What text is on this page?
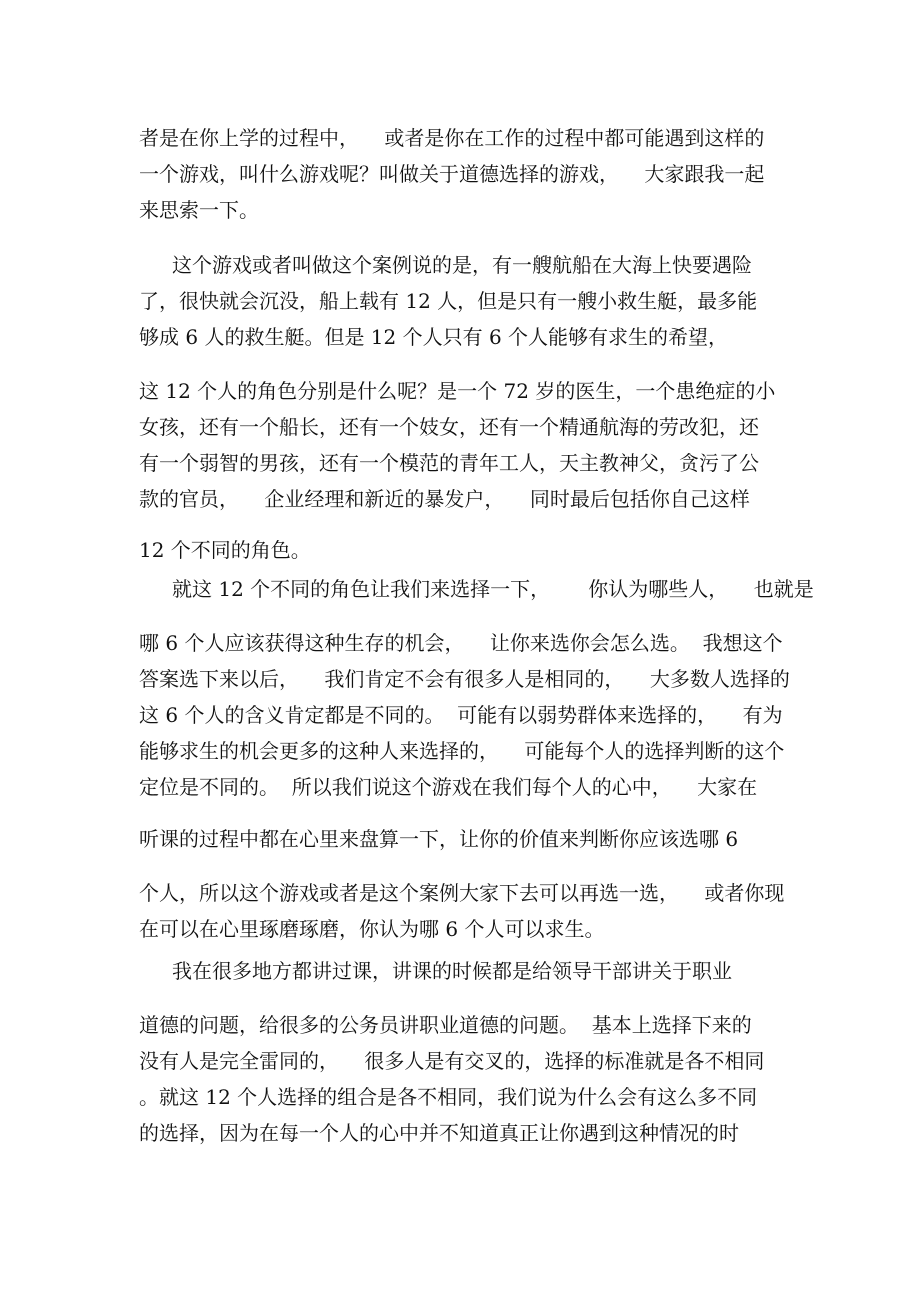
者是在你上学的过程中，    或者是你在工作的过程中都可能遇到这样的
一个游戏，叫什么游戏呢？叫做关于道德选择的游戏，    大家跟我一起
来思索一下。
这个游戏或者叫做这个案例说的是，有一艘航船在大海上快要遇险
了，很快就会沉没，船上载有 12 人，但是只有一艘小救生艇，最多能
够成 6 人的救生艇。但是 12 个人只有 6 个人能够有求生的希望，
这 12 个人的角色分别是什么呢？是一个 72 岁的医生，一个患绝症的小
女孩，还有一个船长，还有一个妓女，还有一个精通航海的劳改犯，还
有一个弱智的男孩，还有一个模范的青年工人，天主教神父，贪污了公
款的官员，    企业经理和新近的暴发户，    同时最后包括你自己这样
12 个不同的角色。
就这 12 个不同的角色让我们来选择一下，      你认为哪些人，    也就是
哪 6 个人应该获得这种生存的机会，    让你来选你会怎么选。  我想这个
答案选下来以后，    我们肯定不会有很多人是相同的，    大多数人选择的
这 6 个人的含义肯定都是不同的。  可能有以弱势群体来选择的，    有为
能够求生的机会更多的这种人来选择的，    可能每个人的选择判断的这个
定位是不同的。  所以我们说这个游戏在我们每个人的心中，    大家在
听课的过程中都在心里来盘算一下，让你的价值来判断你应该选哪 6
个人，所以这个游戏或者是这个案例大家下去可以再选一选，    或者你现
在可以在心里琢磨琢磨，你认为哪 6 个人可以求生。
我在很多地方都讲过课，讲课的时候都是给领导干部讲关于职业
道德的问题，给很多的公务员讲职业道德的问题。  基本上选择下来的
没有人是完全雷同的，    很多人是有交叉的，选择的标准就是各不相同
。就这 12 个人选择的组合是各不相同，我们说为什么会有这么多不同
的选择，因为在每一个人的心中并不知道真正让你遇到这种情况的时
